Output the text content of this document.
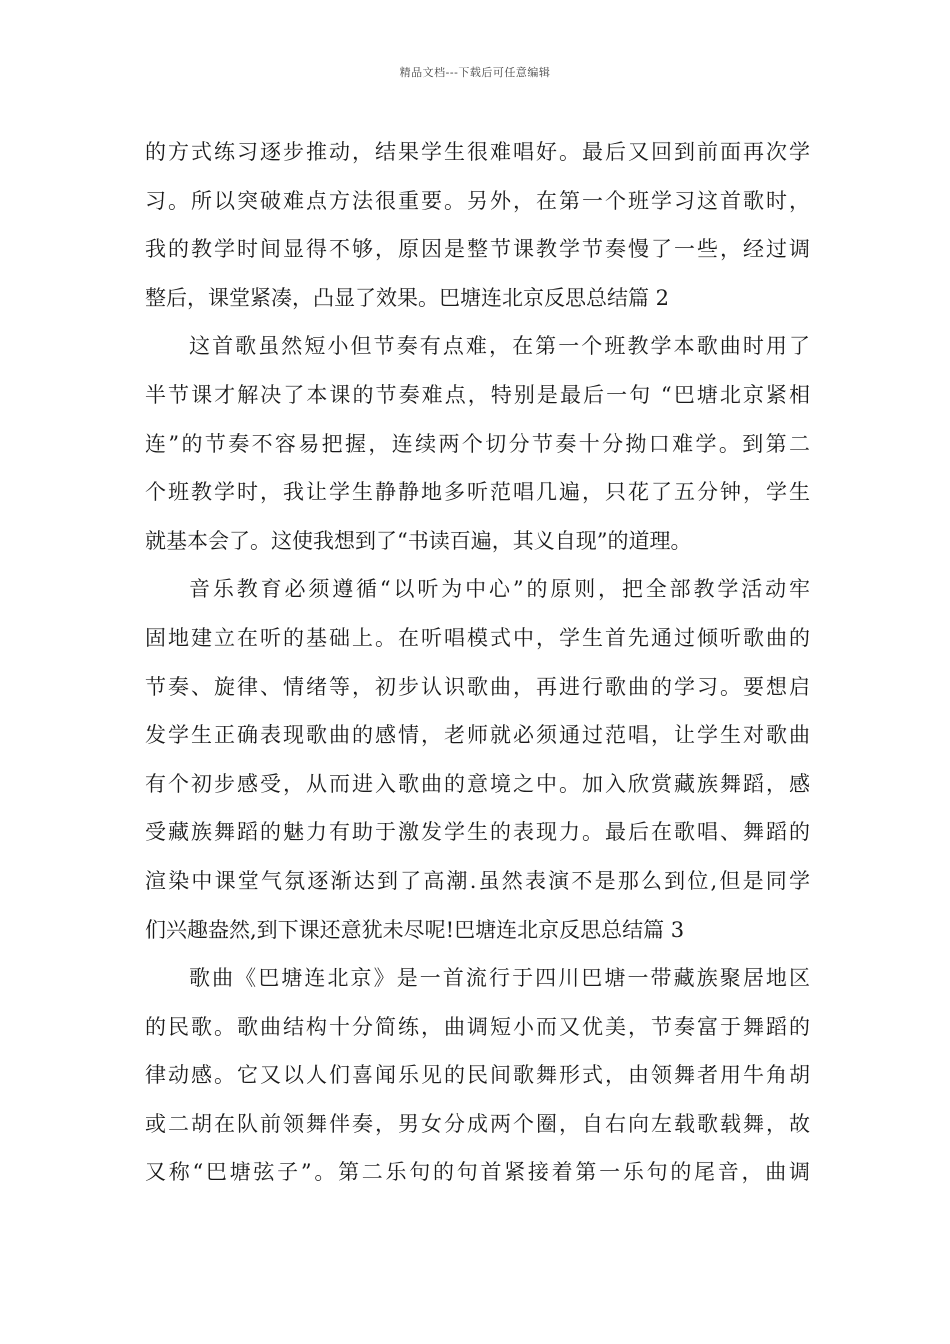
精品文档---下载后可任意编辑
的方式练习逐步推动，结果学生很难唱好。最后又回到前面再次学
习。所以突破难点方法很重要。另外，在第一个班学习这首歌时，
我的教学时间显得不够，原因是整节课教学节奏慢了一些，经过调
整后，课堂紧凑，凸显了效果。巴塘连北京反思总结篇 2
这首歌虽然短小但节奏有点难，在第一个班教学本歌曲时用了
半节课才解决了本课的节奏难点，特别是最后一句 “巴塘北京紧相
连”的节奏不容易把握，连续两个切分节奏十分拗口难学。到第二
个班教学时，我让学生静静地多听范唱几遍，只花了五分钟，学生
就基本会了。这使我想到了“书读百遍，其义自现”的道理。
音乐教育必须遵循“以听为中心”的原则，把全部教学活动牢
固地建立在听的基础上。在听唱模式中，学生首先通过倾听歌曲的
节奏、旋律、情绪等，初步认识歌曲，再进行歌曲的学习。要想启
发学生正确表现歌曲的感情，老师就必须通过范唱，让学生对歌曲
有个初步感受，从而进入歌曲的意境之中。加入欣赏藏族舞蹈，感
受藏族舞蹈的魅力有助于激发学生的表现力。最后在歌唱、舞蹈的
渲染中课堂气氛逐渐达到了高潮.虽然表演不是那么到位,但是同学
们兴趣盎然,到下课还意犹未尽呢!巴塘连北京反思总结篇 3
歌曲《巴塘连北京》是一首流行于四川巴塘一带藏族聚居地区
的民歌。歌曲结构十分简练，曲调短小而又优美，节奏富于舞蹈的
律动感。它又以人们喜闻乐见的民间歌舞形式，由领舞者用牛角胡
或二胡在队前领舞伴奏，男女分成两个圈，自右向左载歌载舞，故
又称“巴塘弦子”。第二乐句的句首紧接着第一乐句的尾音，曲调
